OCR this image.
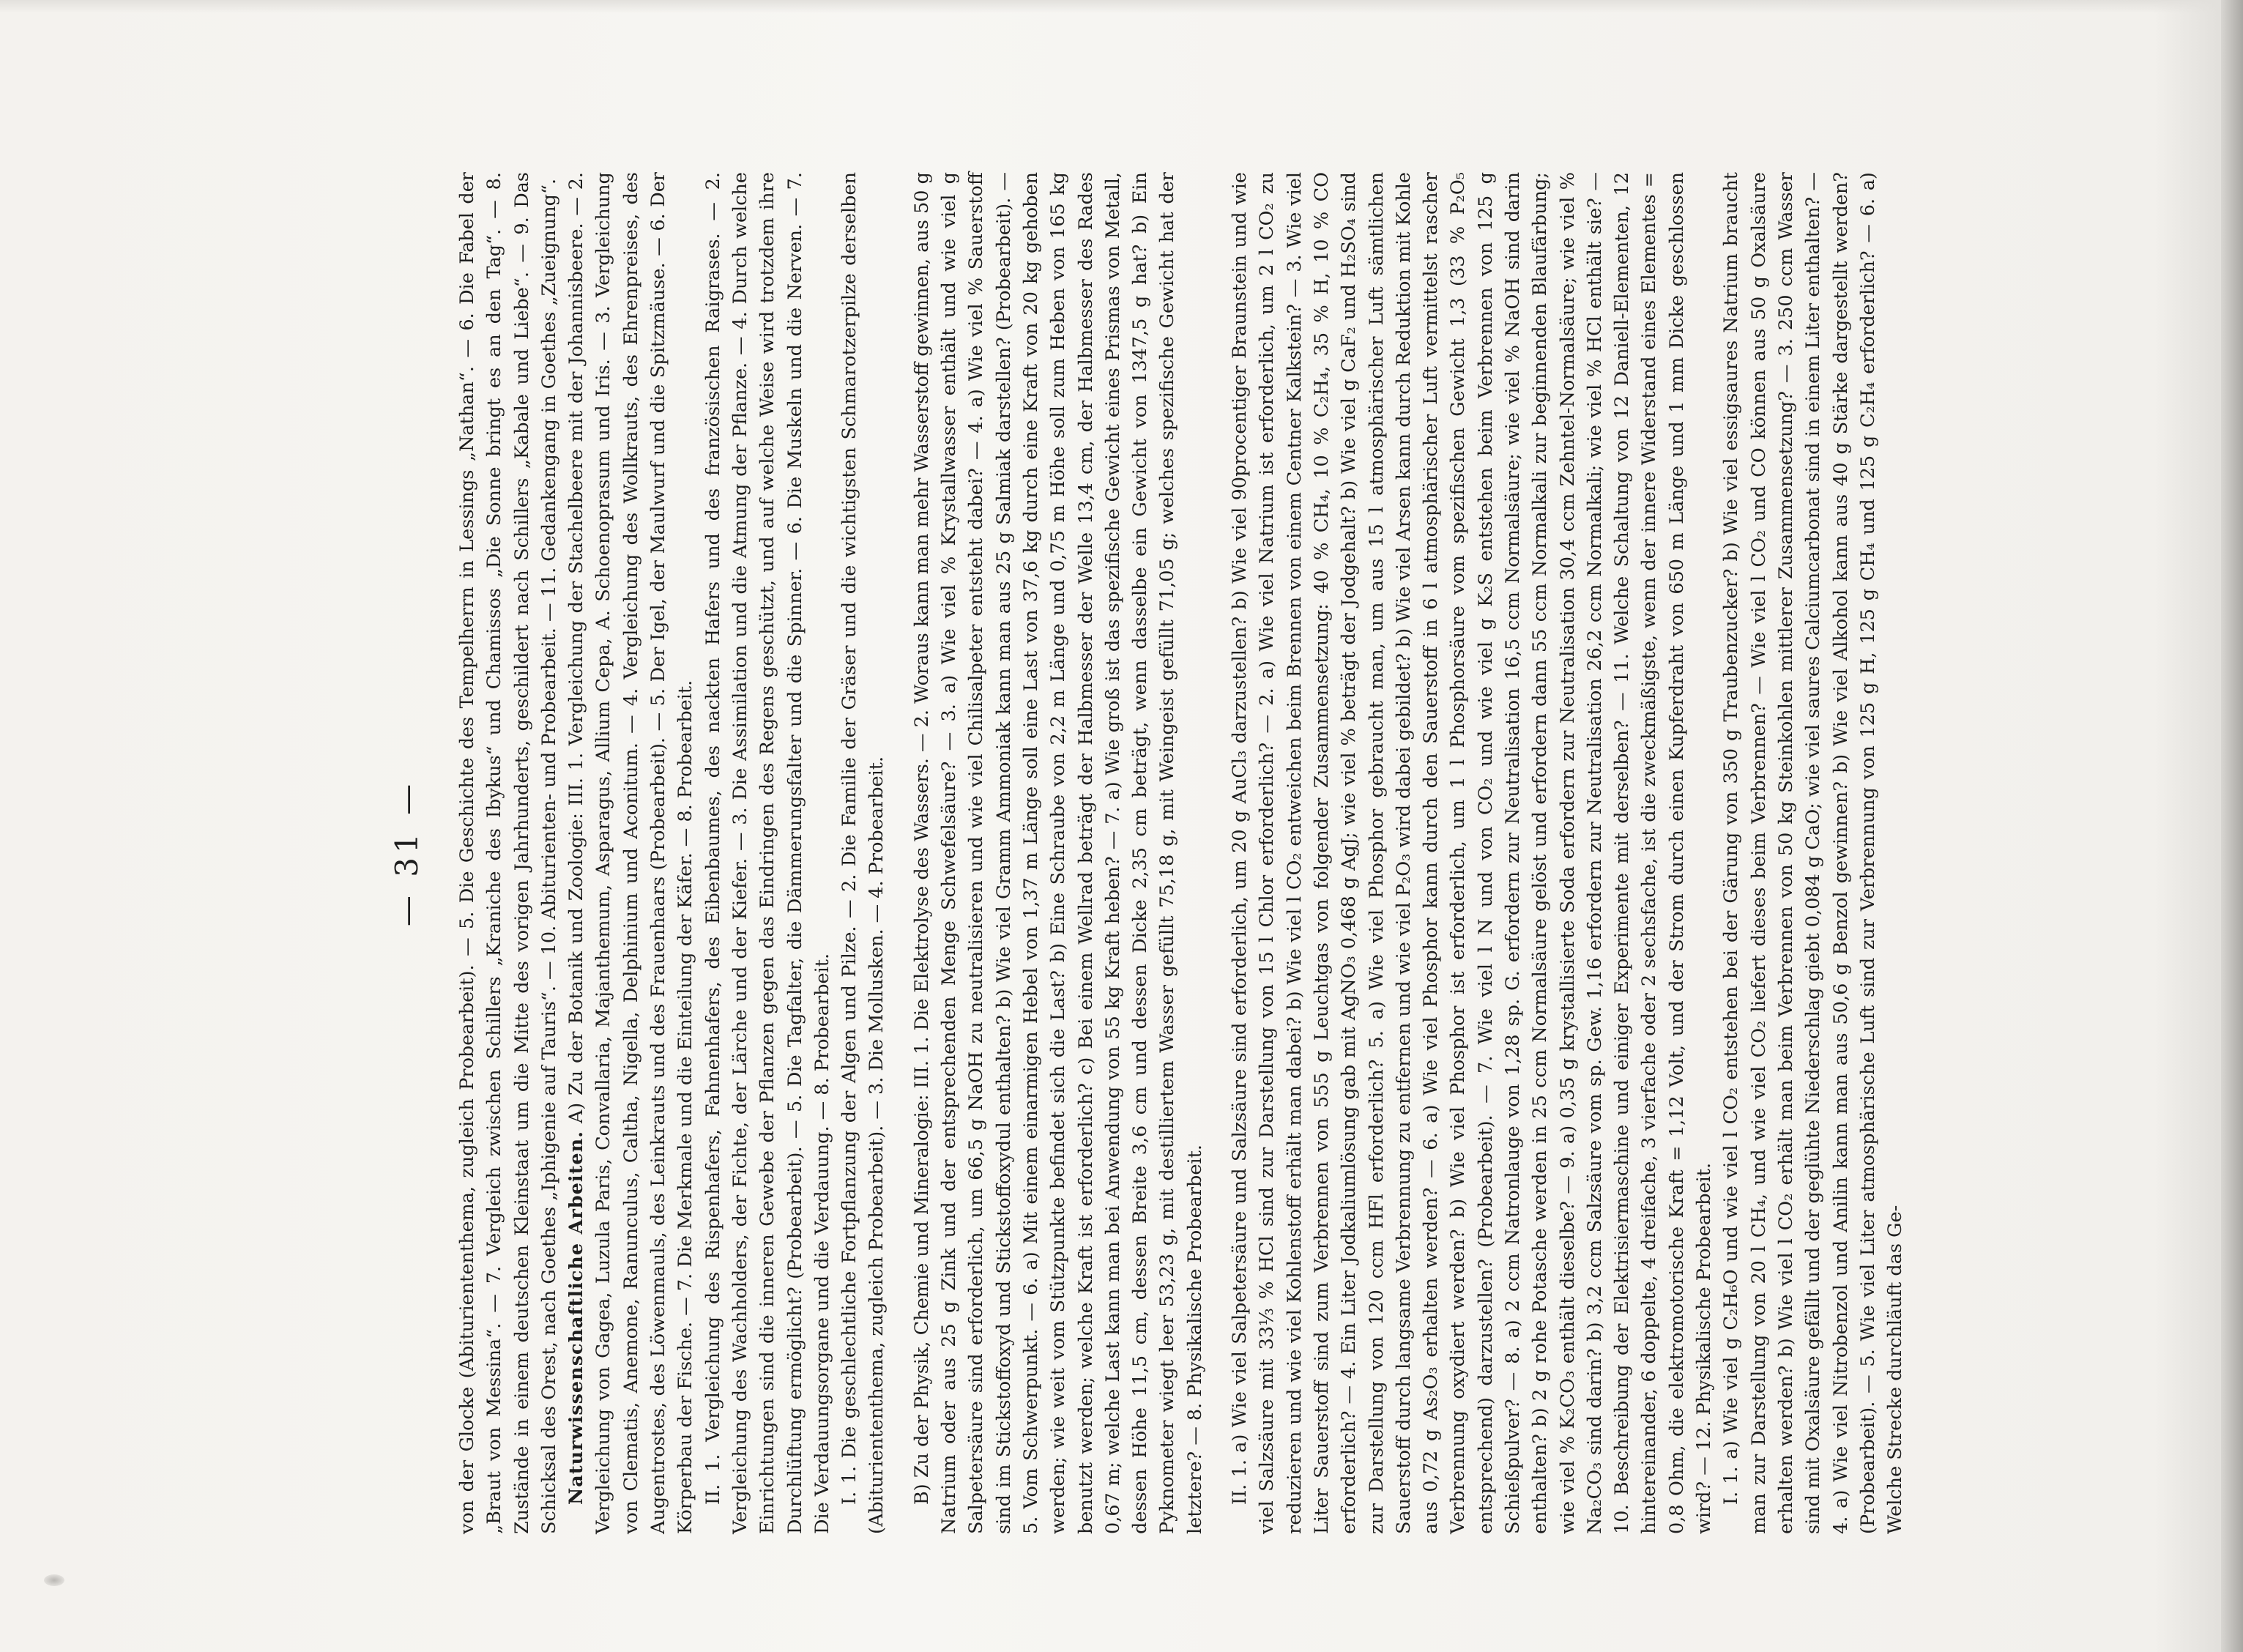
— 31 — von der Glocke (Abituriententhema, zugleich Probearbeit). — 5. Die Geschichte des Tempelherrn in Lessings „Nathan“. — 6. Die Fabel der „Braut von Messina“. — 7. Vergleich zwischen Schillers „Kraniche des Ibykus“ und Chamissos „Die Sonne bringt es an den Tag“. — 8. Zustände in einem deutschen Kleinstaat um die Mitte des vorigen Jahrhunderts, geschildert nach Schillers „Kabale und Liebe“. — 9. Das Schicksal des Orest, nach Goethes „Iphigenie auf Tauris“. — 10. Abiturienten- und Probearbeit. — 11. Gedankengang in Goethes „Zueignung“. Naturwissenschaftliche Arbeiten. A) Zu der Botanik und Zoologie: III. 1. Vergleichung der Stachelbeere mit der Johannisbeere. — 2. Vergleichung von Gagea, Luzula Paris, Convallaria, Majanthemum, Asparagus, Allium Cepa, A. Schoenoprasum und Iris. — 3. Vergleichung von Clematis, Anemone, Ranunculus, Caltha, Nigella, Delphinium und Aconitum. — 4. Vergleichung des Wollkrauts, des Ehrenpreises, des Augentrostes, des Löwenmauls, des Leinkrauts und des Frauenhaars (Probearbeit). — 5. Der Igel, der Maulwurf und die Spitzmäuse. — 6. Der Körperbau der Fische. — 7. Die Merkmale und die Einteilung der Käfer. — 8. Probearbeit. II. 1. Vergleichung des Rispenhafers, Fahnenhafers, des Eibenbaumes, des nackten Hafers und des französischen Raigrases. — 2. Vergleichung des Wachholders, der Fichte, der Lärche und der Kiefer. — 3. Die Assimilation und die Atmung der Pflanze. — 4. Durch welche Einrichtungen sind die inneren Gewebe der Pflanzen gegen das Eindringen des Regens geschützt, und auf welche Weise wird trotzdem ihre Durchlüftung ermöglicht? (Probearbeit). — 5. Die Tagfalter, die Dämmerungsfalter und die Spinner. — 6. Die Muskeln und die Nerven. — 7. Die Verdauungsorgane und die Verdauung. — 8. Probearbeit. I. 1. Die geschlechtliche Fortpflanzung der Algen und Pilze. — 2. Die Familie der Gräser und die wichtigsten Schmarotzerpilze derselben (Abituriententhema, zugleich Probearbeit). — 3. Die Mollusken. — 4. Probearbeit. B) Zu der Physik, Chemie und Mineralogie: III. 1. Die Elektrolyse des Wassers. — 2. Woraus kann man mehr Wasserstoff gewinnen, aus 50 g Natrium oder aus 25 g Zink und der entsprechenden Menge Schwefelsäure? — 3. a) Wie viel % Krystallwasser enthält und wie viel g Salpetersäure sind erforderlich, um 66,5 g NaOH zu neutralisieren und wie viel Chilisalpeter entsteht dabei? — 4. a) Wie viel % Sauerstoff sind im Stickstoffoxyd und Stickstoffoxydul enthalten? b) Wie viel Gramm Ammoniak kann man aus 25 g Salmiak darstellen? (Probearbeit). — 5. Vom Schwerpunkt. — 6. a) Mit einem einarmigen Hebel von 1,37 m Länge soll eine Last von 37,6 kg durch eine Kraft von 20 kg gehoben werden; wie weit vom Stützpunkte befindet sich die Last? b) Eine Schraube von 2,2 m Länge und 0,75 m Höhe soll zum Heben von 165 kg benutzt werden; welche Kraft ist erforderlich? c) Bei einem Wellrad beträgt der Halbmesser der Welle 13,4 cm, der Halbmesser des Rades 0,67 m; welche Last kann man bei Anwendung von 55 kg Kraft heben? — 7. a) Wie groß ist das spezifische Gewicht eines Prismas von Metall, dessen Höhe 11,5 cm, dessen Breite 3,6 cm und dessen Dicke 2,35 cm beträgt, wenn dasselbe ein Gewicht von 1347,5 g hat? b) Ein Pyknometer wiegt leer 53,23 g, mit destilliertem Wasser gefüllt 75,18 g, mit Weingeist gefüllt 71,05 g; welches spezifische Gewicht hat der letztere? — 8. Physikalische Probearbeit. II. 1. a) Wie viel Salpetersäure und Salzsäure sind erforderlich, um 20 g AuCl₃ darzustellen? b) Wie viel 90procentiger Braunstein und wie viel Salzsäure mit 33⅓ % HCl sind zur Darstellung von 15 l Chlor erforderlich? — 2. a) Wie viel Natrium ist erforderlich, um 2 l CO₂ zu reduzieren und wie viel Kohlenstoff erhält man dabei? b) Wie viel l CO₂ entweichen beim Brennen von einem Centner Kalkstein? — 3. Wie viel Liter Sauerstoff sind zum Verbrennen von 555 g Leuchtgas von folgender Zusammensetzung: 40 % CH₄, 10 % C₂H₄, 35 % H, 10 % CO erforderlich? — 4. Ein Liter Jodkaliumlösung gab mit AgNO₃ 0,468 g AgJ; wie viel % beträgt der Jodgehalt? b) Wie viel g CaF₂ und H₂SO₄ sind zur Darstellung von 120 ccm HFl erforderlich? 5. a) Wie viel Phosphor gebraucht man, um aus 15 l atmosphärischer Luft sämtlichen Sauerstoff durch langsame Verbrennung zu entfernen und wie viel P₂O₃ wird dabei gebildet? b) Wie viel Arsen kann durch Reduktion mit Kohle aus 0,72 g As₂O₃ erhalten werden? — 6. a) Wie viel Phosphor kann durch den Sauerstoff in 6 l atmosphärischer Luft vermittelst rascher Verbrennung oxydiert werden? b) Wie viel Phosphor ist erforderlich, um 1 l Phosphorsäure vom spezifischen Gewicht 1,3 (33 % P₂O₅ entsprechend) darzustellen? (Probearbeit). — 7. Wie viel l N und von CO₂ und wie viel g K₂S entstehen beim Verbrennen von 125 g Schießpulver? — 8. a) 2 ccm Natronlauge von 1,28 sp. G. erfordern zur Neutralisation 16,5 ccm Normalsäure; wie viel % NaOH sind darin enthalten? b) 2 g rohe Potasche werden in 25 ccm Normalsäure gelöst und erfordern dann 55 ccm Normalkali zur beginnenden Blaufärbung; wie viel % K₂CO₃ enthält dieselbe? — 9. a) 0,35 g krystallisierte Soda erfordern zur Neutralisation 30,4 ccm Zehntel-Normalsäure; wie viel % Na₂CO₃ sind darin? b) 3,2 ccm Salzsäure vom sp. Gew. 1,16 erfordern zur Neutralisation 26,2 ccm Normalkali; wie viel % HCl enthält sie? — 10. Beschreibung der Elektrisiermaschine und einiger Experimente mit derselben? — 11. Welche Schaltung von 12 Daniell-Elementen, 12 hintereinander, 6 doppelte, 4 dreifache, 3 vierfache oder 2 sechsfache, ist die zweckmäßigste, wenn der innere Widerstand eines Elementes = 0,8 Ohm, die elektromotorische Kraft = 1,12 Volt, und der Strom durch einen Kupferdraht von 650 m Länge und 1 mm Dicke geschlossen wird? — 12. Physikalische Probearbeit. I. 1. a) Wie viel g C₂H₆O und wie viel l CO₂ entstehen bei der Gärung von 350 g Traubenzucker? b) Wie viel essigsaures Natrium braucht man zur Darstellung von 20 l CH₄, und wie viel CO₂ liefert dieses beim Verbrennen? — Wie viel l CO₂ und CO können aus 50 g Oxalsäure erhalten werden? b) Wie viel l CO₂ erhält man beim Verbrennen von 50 kg Steinkohlen mittlerer Zusammensetzung? — 3. 250 ccm Wasser sind mit Oxalsäure gefällt und der geglühte Niederschlag giebt 0,084 g CaO; wie viel saures Calciumcarbonat sind in einem Liter enthalten? — 4. a) Wie viel Nitrobenzol und Anilin kann man aus 50,6 g Benzol gewinnen? b) Wie viel Alkohol kann aus 40 g Stärke dargestellt werden? (Probearbeit). — 5. Wie viel Liter atmosphärische Luft sind zur Verbrennung von 125 g H, 125 g CH₄ und 125 g C₂H₄ erforderlich? — 6. a) Welche Strecke durchläuft das Ge-
